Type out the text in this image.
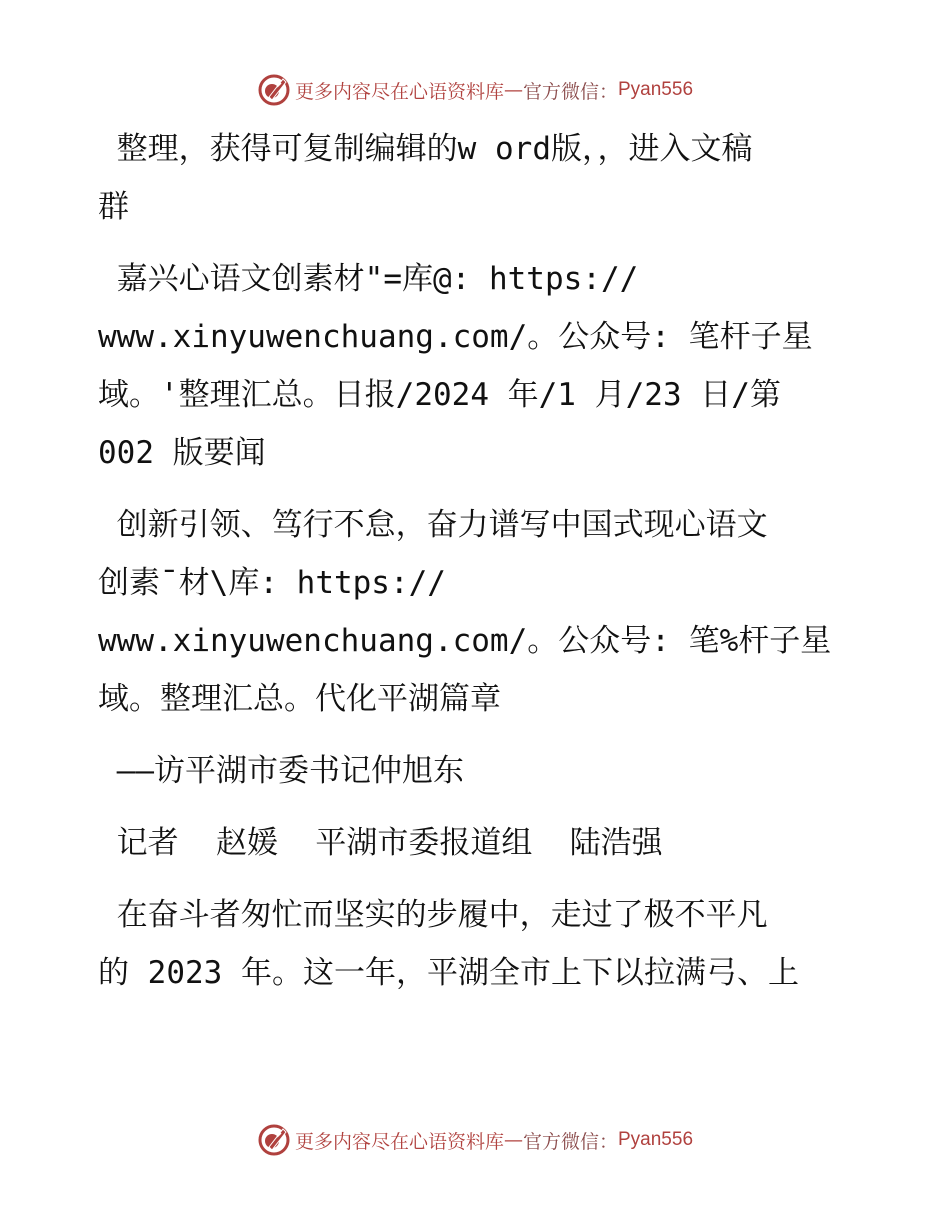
更多内容尽在心语资料库 — 官方微信： Pyan556
整理，获得可复制编辑的w ord版，，进入文稿
群
嘉兴心语文创素材"=库@: https://
www.xinyuwenchuang.com/。公众号: 笔杆子星
域。'整理汇总。日报/2024 年/1 月/23 日/第
002 版要闻
创新引领、笃行不怠，奋力谱写中国式现心语文
创素¯材\库: https://
www.xinyuwenchuang.com/。公众号: 笔%杆子星
域。整理汇总。代化平湖篇章
——访平湖市委书记仲旭东
记者  赵媛  平湖市委报道组  陆浩强
在奋斗者匆忙而坚实的步履中，走过了极不平凡
的 2023 年。这一年，平湖全市上下以拉满弓、上
更多内容尽在心语资料库 — 官方微信： Pyan556
